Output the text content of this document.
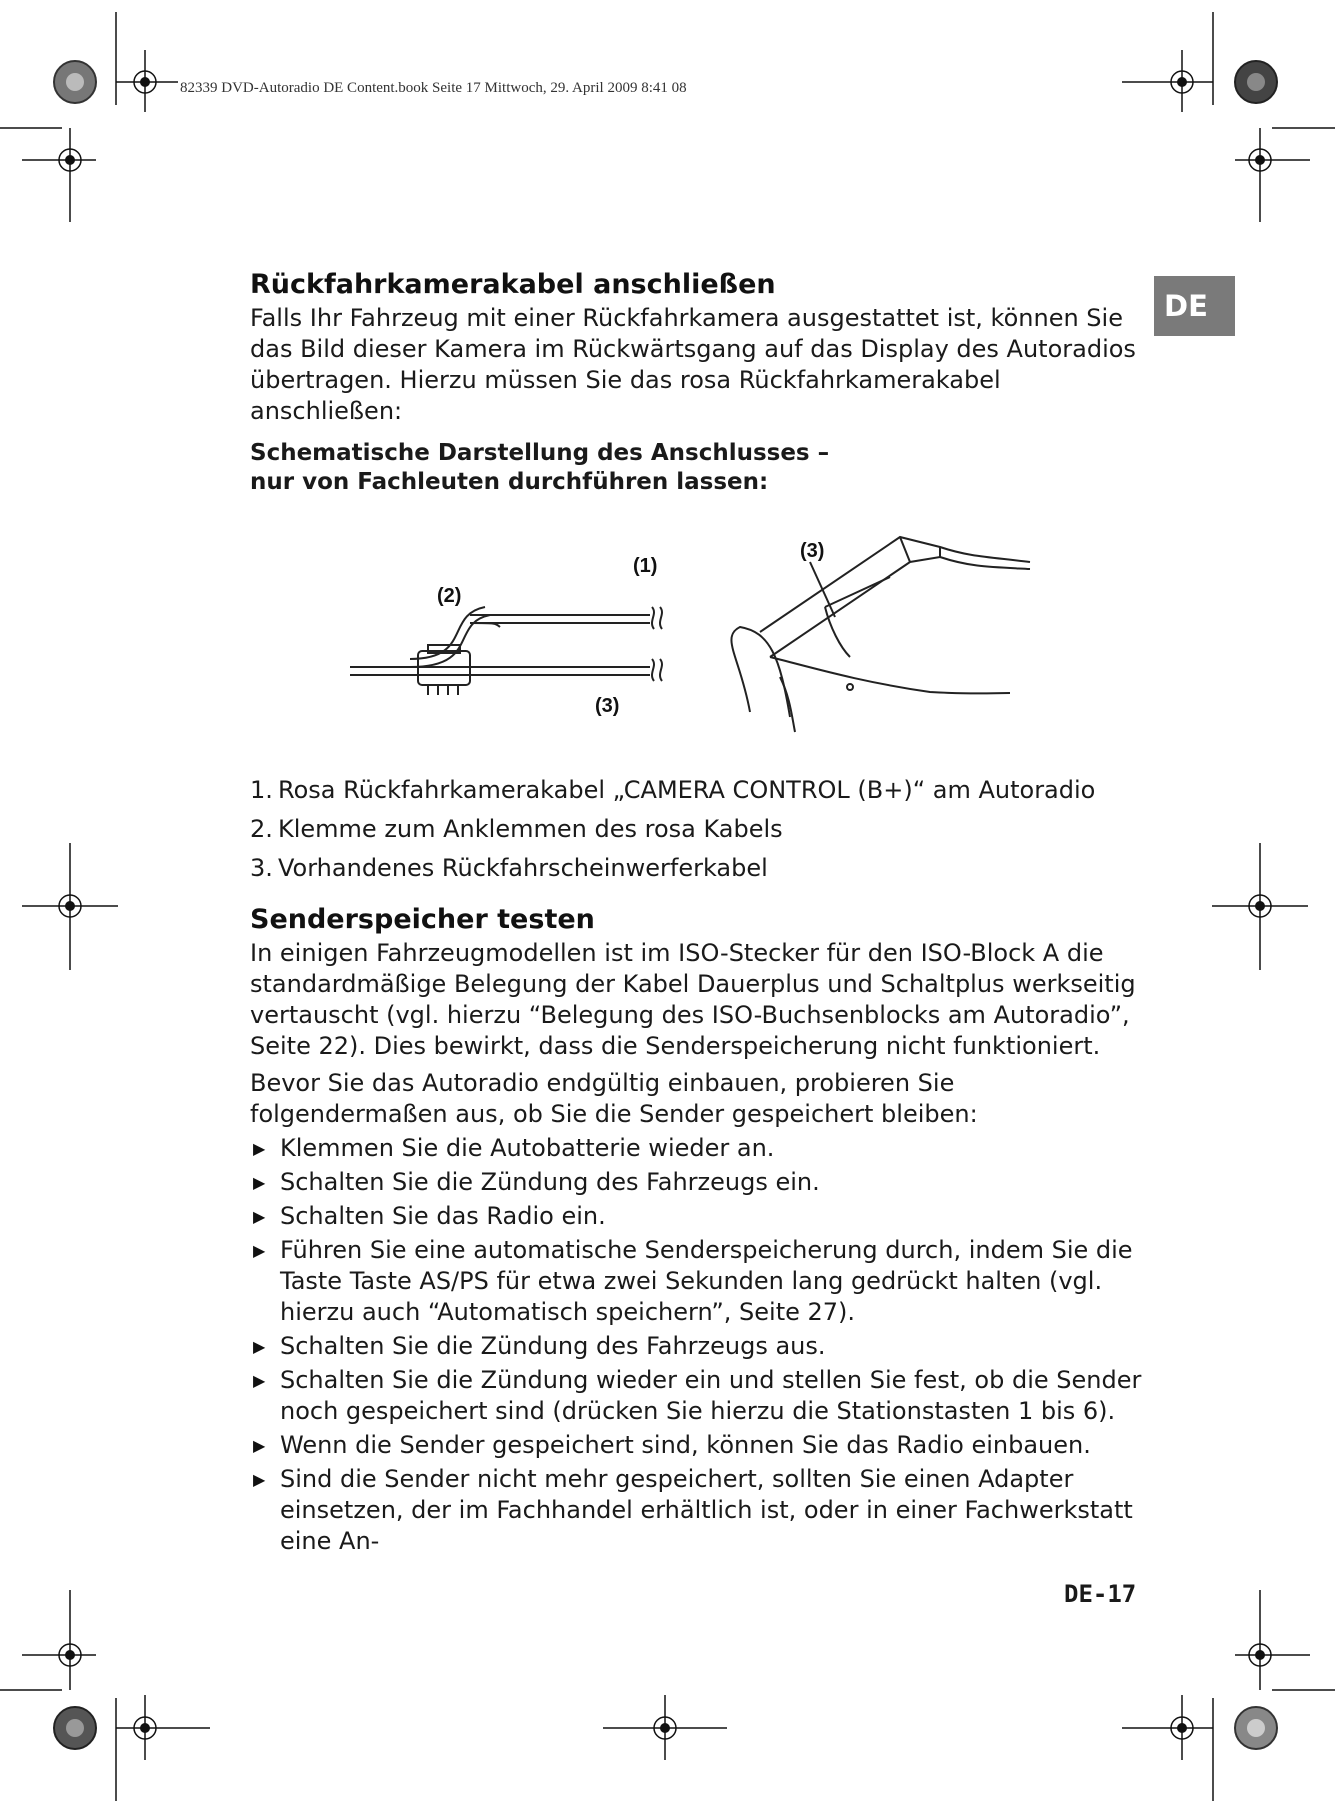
82339 DVD-Autoradio DE Content.book Seite 17 Mittwoch, 29. April 2009 8:41 08
DE
Rückfahrkamerakabel anschließen

Falls Ihr Fahrzeug mit einer Rückfahrkamera ausgestattet ist, können Sie das Bild dieser Kamera im Rückwärtsgang auf das Display des Autoradios übertragen. Hierzu müssen Sie das rosa Rückfahrkamerakabel anschließen:

Schematische Darstellung des Anschlusses –
nur von Fachleuten durchführen lassen:
(1)
(2)
(3)
(3)
1. Rosa Rückfahrkamerakabel „CAMERA CONTROL (B+)“ am Autoradio
2. Klemme zum Anklemmen des rosa Kabels
3. Vorhandenes Rückfahrscheinwerferkabel
Senderspeicher testen

In einigen Fahrzeugmodellen ist im ISO-Stecker für den ISO-Block A die standardmäßige Belegung der Kabel Dauerplus und Schaltplus werkseitig vertauscht (vgl. hierzu “Belegung des ISO-Buchsenblocks am Autoradio”, Seite 22). Dies bewirkt, dass die Senderspeicherung nicht funktioniert.

Bevor Sie das Autoradio endgültig einbauen, probieren Sie folgendermaßen aus, ob Sie die Sender gespeichert bleiben:

▶ Klemmen Sie die Autobatterie wieder an.
▶ Schalten Sie die Zündung des Fahrzeugs ein.
▶ Schalten Sie das Radio ein.
▶ Führen Sie eine automatische Senderspeicherung durch, indem Sie die Taste Taste AS/PS für etwa zwei Sekunden lang gedrückt halten (vgl. hierzu auch “Automatisch speichern”, Seite 27).
▶ Schalten Sie die Zündung des Fahrzeugs aus.
▶ Schalten Sie die Zündung wieder ein und stellen Sie fest, ob die Sender noch gespeichert sind (drücken Sie hierzu die Stationstasten 1 bis 6).
▶ Wenn die Sender gespeichert sind, können Sie das Radio einbauen.
▶ Sind die Sender nicht mehr gespeichert, sollten Sie einen Adapter einsetzen, der im Fachhandel erhältlich ist, oder in einer Fachwerkstatt eine An-
DE-17
